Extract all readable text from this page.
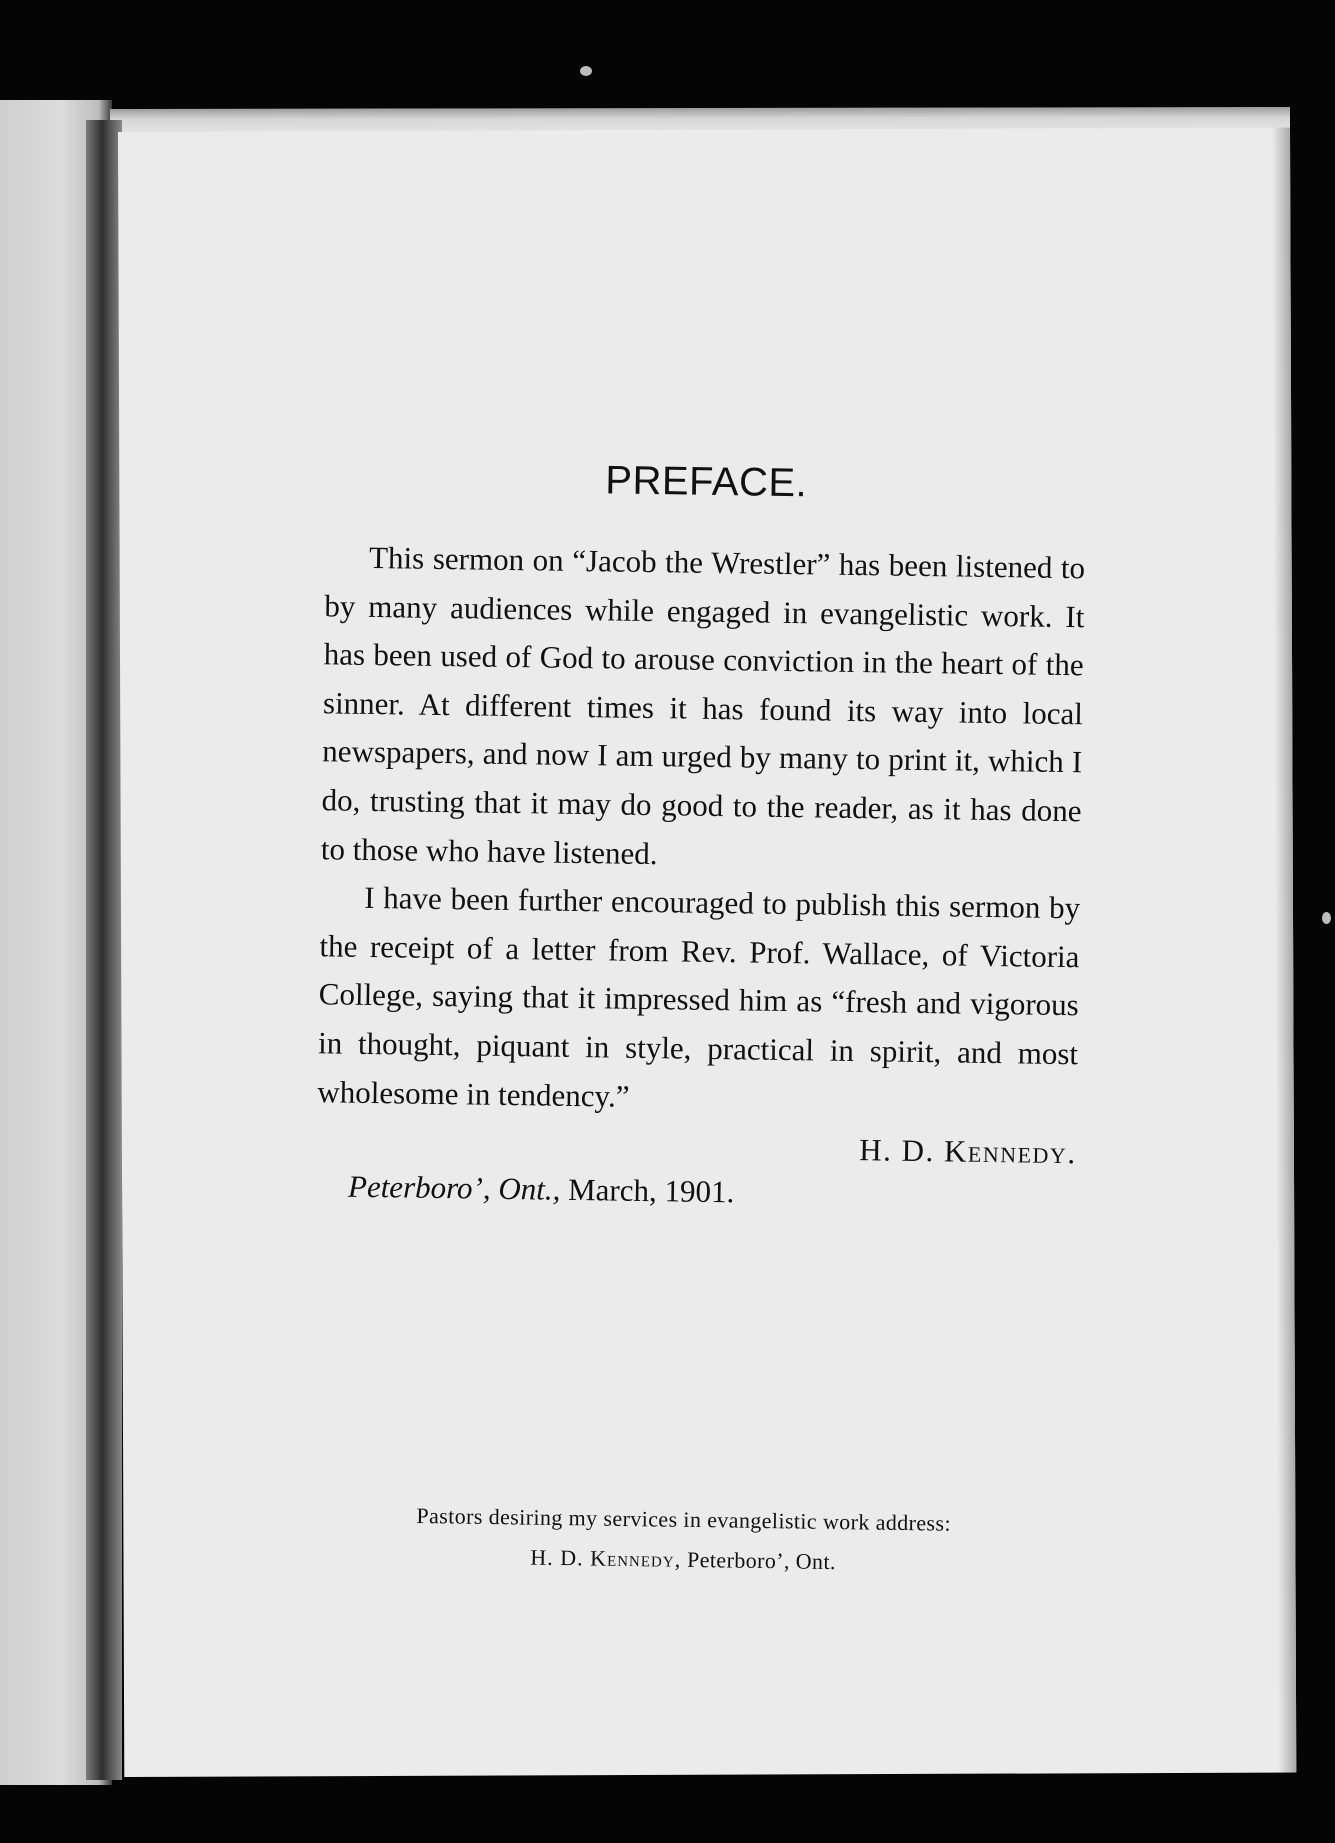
PREFACE.

This sermon on “Jacob the Wrestler” has been listened to by many audiences while engaged in evangelistic work. It has been used of God to arouse conviction in the heart of the sinner. At different times it has found its way into local newspapers, and now I am urged by many to print it, which I do, trusting that it may do good to the reader, as it has done to those who have listened.

I have been further encouraged to publish this sermon by the receipt of a letter from Rev. Prof. Wallace, of Victoria College, saying that it impressed him as “fresh and vigorous in thought, piquant in style, practical in spirit, and most wholesome in tendency.”

H. D. Kennedy.
Peterboro’, Ont., March, 1901.
Pastors desiring my services in evangelistic work address:
H. D. Kennedy, Peterboro’, Ont.
